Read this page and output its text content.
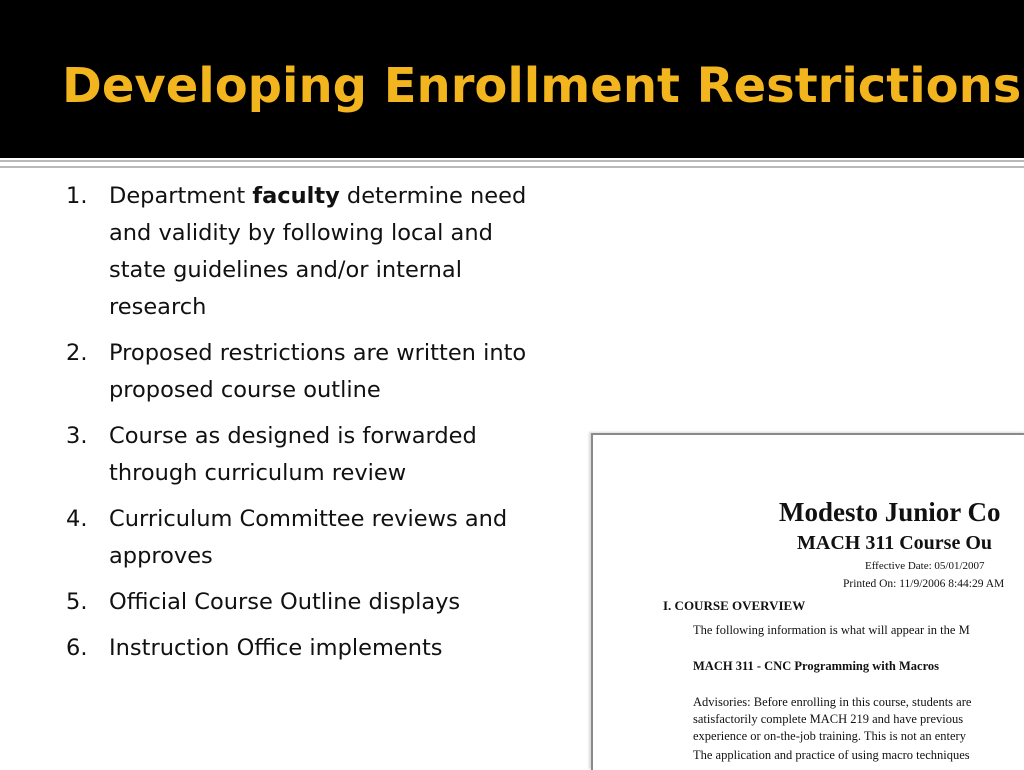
Developing Enrollment Restrictions
1. Department faculty determine need and validity by following local and state guidelines and/or internal research
2. Proposed restrictions are written into proposed course outline
3. Course as designed is forwarded through curriculum review
4. Curriculum Committee reviews and approves
5. Official Course Outline displays
6. Instruction Office implements
Modesto Junior Co
MACH 311 Course Ou
Effective Date: 05/01/2007
Printed On: 11/9/2006 8:44:29 AM
I. COURSE OVERVIEW
The following information is what will appear in the M
MACH 311 - CNC Programming with Macros
Advisories: Before enrolling in this course, students are
satisfactorily complete MACH 219 and have previous
experience or on-the-job training. This is not an entery
The application and practice of using macro techniques
